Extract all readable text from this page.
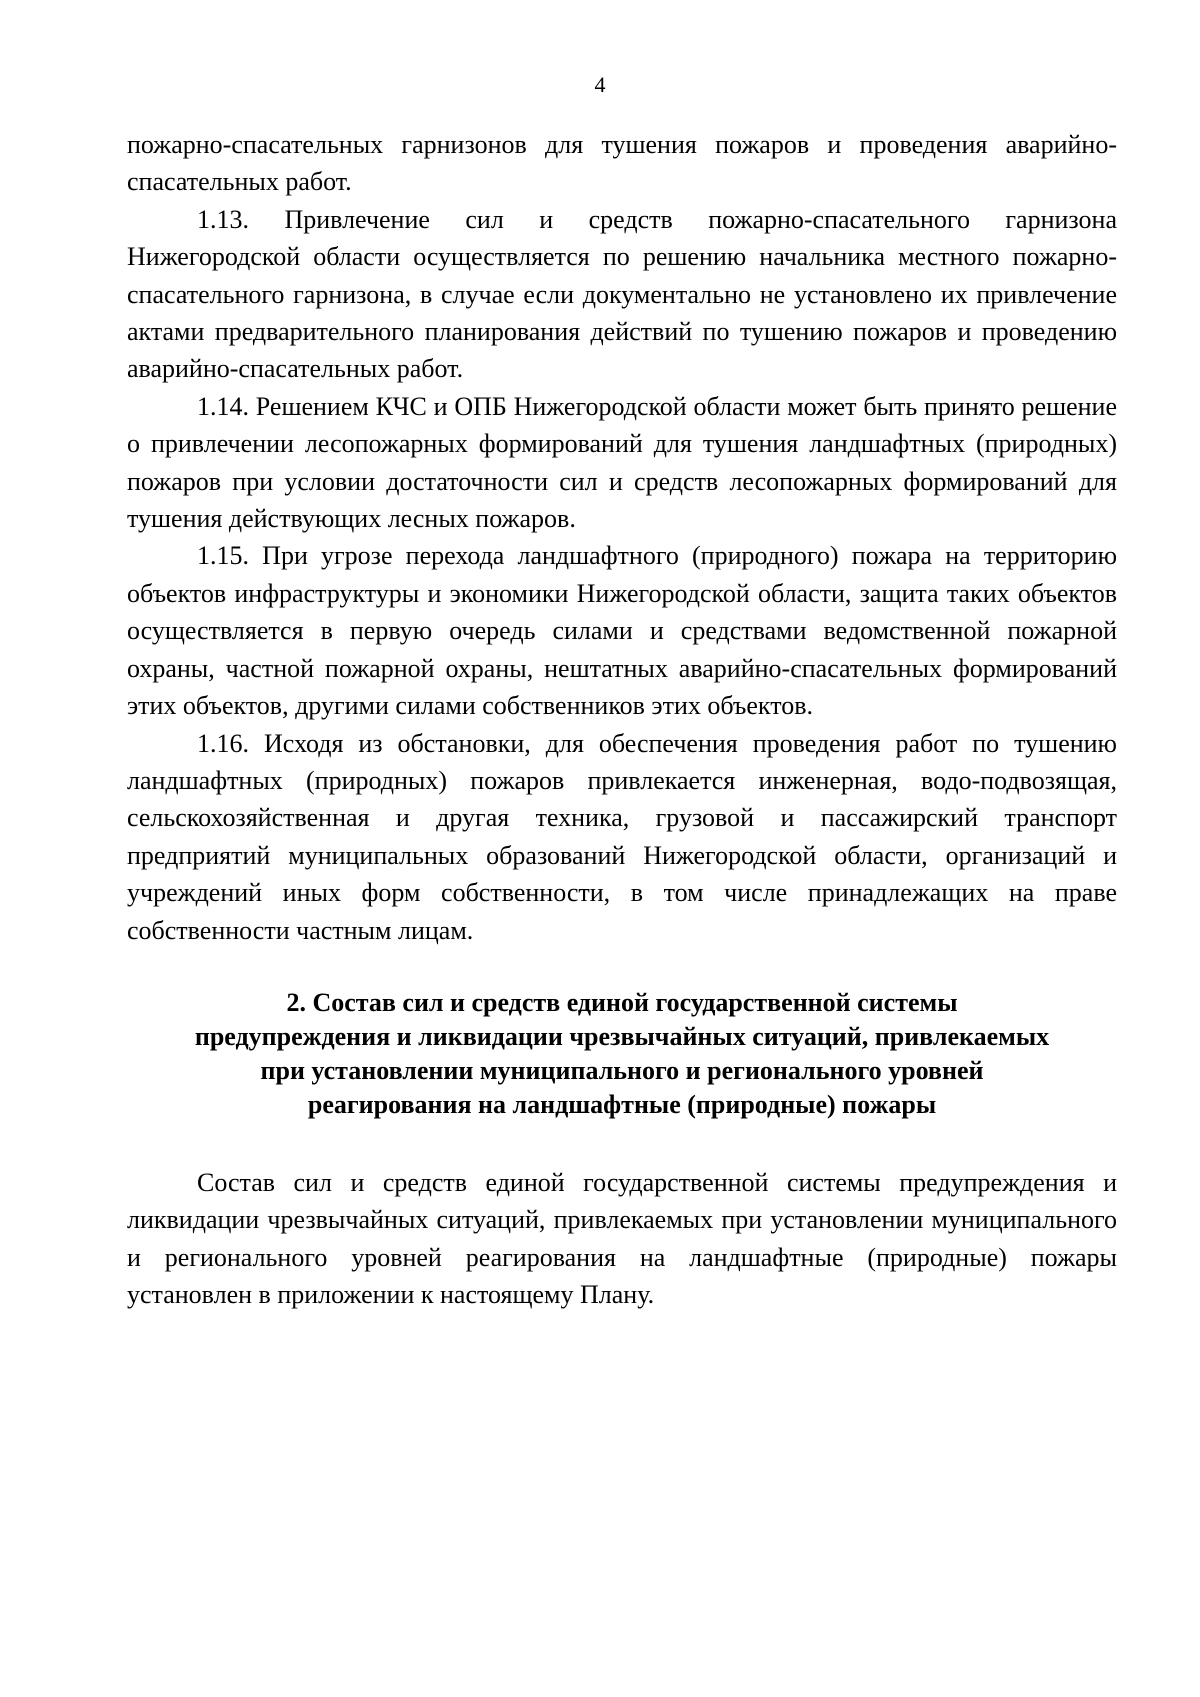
4

пожарно-спасательных гарнизонов для тушения пожаров и проведения аварийно-спасательных работ.

1.13. Привлечение сил и средств пожарно-спасательного гарнизона Нижегородской области осуществляется по решению начальника местного пожарно-спасательного гарнизона, в случае если документально не установлено их привлечение актами предварительного планирования действий по тушению пожаров и проведению аварийно-спасательных работ.

1.14. Решением КЧС и ОПБ Нижегородской области может быть принято решение о привлечении лесопожарных формирований для тушения ландшафтных (природных) пожаров при условии достаточности сил и средств лесопожарных формирований для тушения действующих лесных пожаров.

1.15. При угрозе перехода ландшафтного (природного) пожара на территорию объектов инфраструктуры и экономики Нижегородской области, защита таких объектов осуществляется в первую очередь силами и средствами ведомственной пожарной охраны, частной пожарной охраны, нештатных аварийно-спасательных формирований этих объектов, другими силами собственников этих объектов.

1.16. Исходя из обстановки, для обеспечения проведения работ по тушению ландшафтных (природных) пожаров привлекается инженерная, водо-подвозящая, сельскохозяйственная и другая техника, грузовой и пассажирский транспорт предприятий муниципальных образований Нижегородской области, организаций и учреждений иных форм собственности, в том числе принадлежащих на праве собственности частным лицам.

2. Состав сил и средств единой государственной системы
предупреждения и ликвидации чрезвычайных ситуаций, привлекаемых
при установлении муниципального и регионального уровней
реагирования на ландшафтные (природные) пожары

Состав сил и средств единой государственной системы предупреждения и ликвидации чрезвычайных ситуаций, привлекаемых при установлении муниципального и регионального уровней реагирования на ландшафтные (природные) пожары установлен в приложении к настоящему Плану.
